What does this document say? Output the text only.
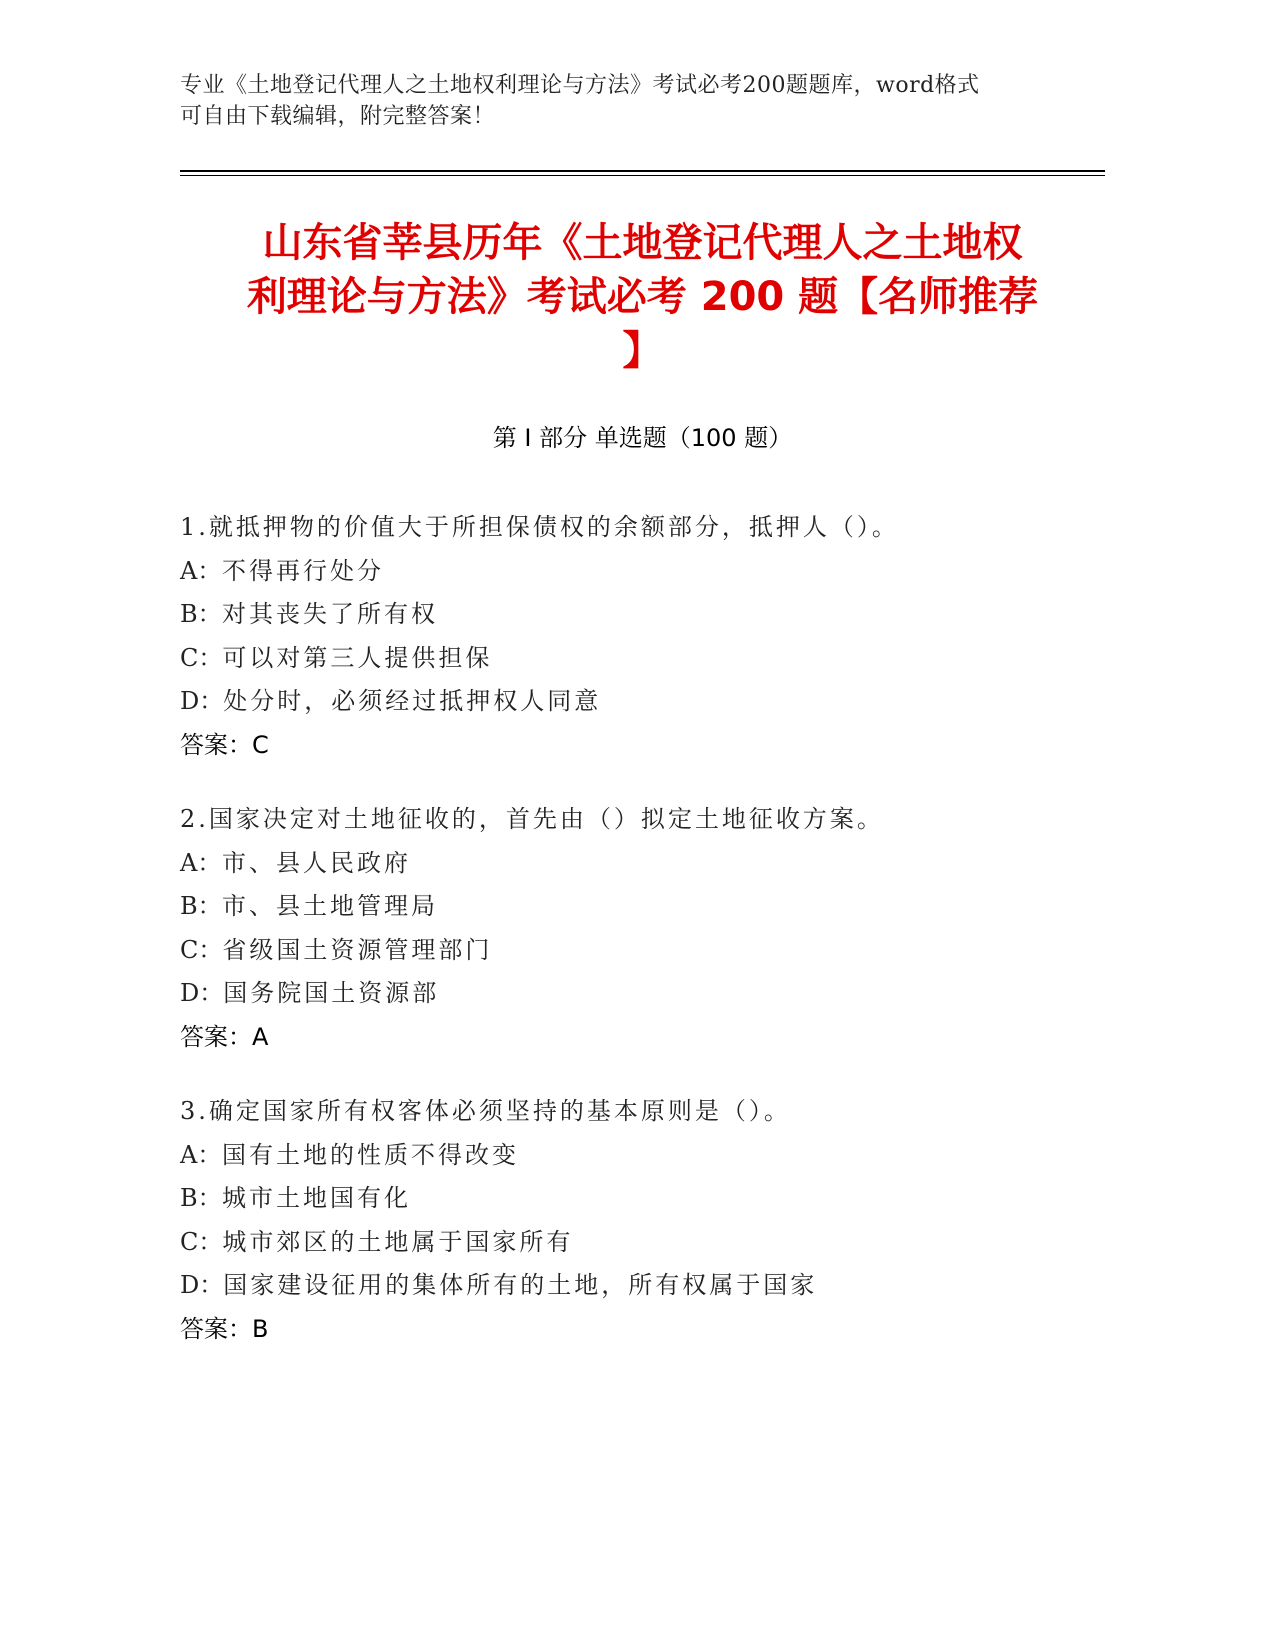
专业《土地登记代理人之土地权利理论与方法》考试必考200题题库，word格式
可自由下载编辑，附完整答案！
山东省莘县历年《土地登记代理人之土地权
利理论与方法》考试必考 200 题【名师推荐
】
第 I 部分 单选题（100 题）
1.就抵押物的价值大于所担保债权的余额部分，抵押人（）。
A：不得再行处分
B：对其丧失了所有权
C：可以对第三人提供担保
D：处分时，必须经过抵押权人同意
答案：C
2.国家决定对土地征收的，首先由（）拟定土地征收方案。
A：市、县人民政府
B：市、县土地管理局
C：省级国土资源管理部门
D：国务院国土资源部
答案：A
3.确定国家所有权客体必须坚持的基本原则是（）。
A：国有土地的性质不得改变
B：城市土地国有化
C：城市郊区的土地属于国家所有
D：国家建设征用的集体所有的土地，所有权属于国家
答案：B
